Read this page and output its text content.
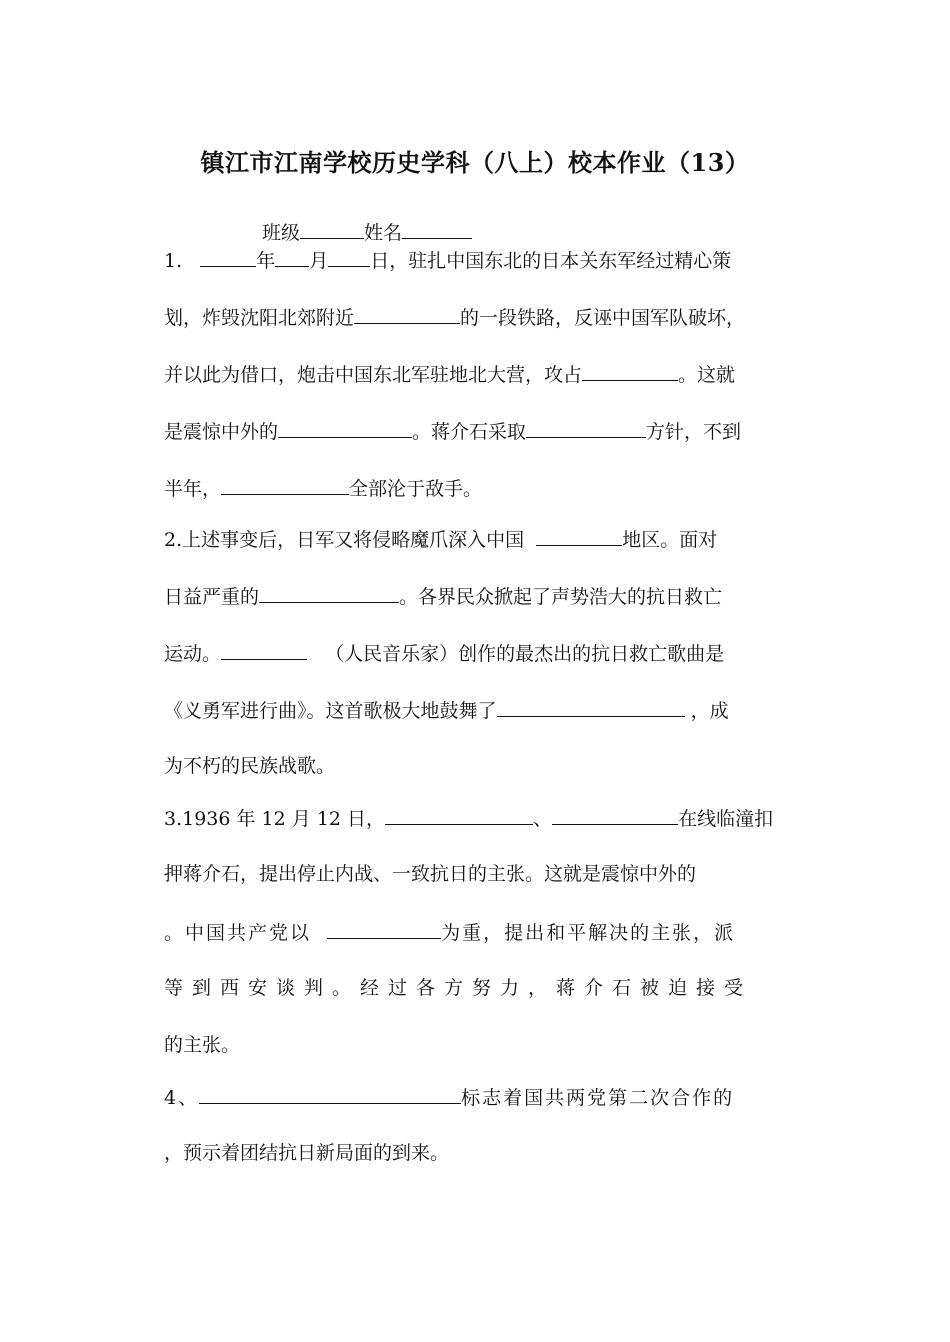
镇江市江南学校历史学科（八上）校本作业（13）
班级	姓名
1.	年 月 日，驻扎中国东北的日本关东军经过精心策
划，炸毁沈阳北郊附近	的一段铁路，反诬中国军队破坏，
并以此为借口，炮击中国东北军驻地北大营，攻占	。这就
是震惊中外的	。蒋介石采取	方针，不到
半年，	全部沦于敌手。
2.上述事变后，日军又将侵略魔爪深入中国	地区。面对
日益严重的	。各界民众掀起了声势浩大的抗日救亡
运动。	（人民音乐家）创作的最杰出的抗日救亡歌曲是
《义勇军进行曲》。这首歌极大地鼓舞了	，成
为不朽的民族战歌。
3.1936 年 12 月 12 日，	、	在线临潼扣
押蒋介石，提出停止内战、一致抗日的主张。这就是震惊中外的
。中国共产党以	为重，提出和平解决的主张，派
等到西安谈判。经过各方努力，蒋介石被迫接受
的主张。
4、	标志着国共两党第二次合作的
，预示着团结抗日新局面的到来。
